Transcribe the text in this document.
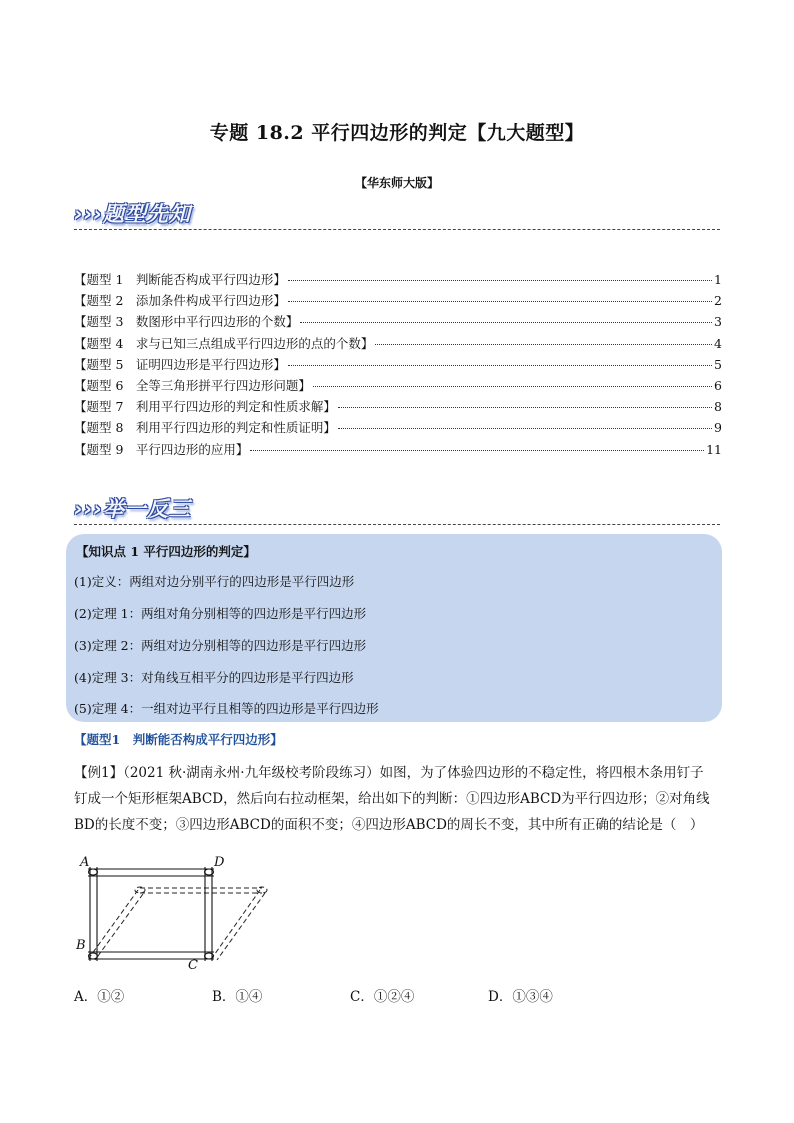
专题 18.2 平行四边形的判定【九大题型】
【华东师大版】
›››题型先知
【题型 1　判断能否构成平行四边形】	1
【题型 2　添加条件构成平行四边形】	2
【题型 3　数图形中平行四边形的个数】	3
【题型 4　求与已知三点组成平行四边形的点的个数】	4
【题型 5　证明四边形是平行四边形】	5
【题型 6　全等三角形拼平行四边形问题】	6
【题型 7　利用平行四边形的判定和性质求解】	8
【题型 8　利用平行四边形的判定和性质证明】	9
【题型 9　平行四边形的应用】	11
›››举一反三
【知识点 1 平行四边形的判定】
(1)定义：两组对边分别平行的四边形是平行四边形
(2)定理 1：两组对角分别相等的四边形是平行四边形
(3)定理 2：两组对边分别相等的四边形是平行四边形
(4)定理 3：对角线互相平分的四边形是平行四边形
(5)定理 4：一组对边平行且相等的四边形是平行四边形
【题型1　判断能否构成平行四边形】
【例1】（2021 秋·湖南永州·九年级校考阶段练习）如图，为了体验四边形的不稳定性，将四根木条用钉子
钉成一个矩形框架ABCD，然后向右拉动框架，给出如下的判断：①四边形ABCD为平行四边形；②对角线
BD的长度不变；③四边形ABCD的面积不变；④四边形ABCD的周长不变，其中所有正确的结论是（　）
A	D
B
C
A．①②	B．①④	C．①②④	D．①③④
